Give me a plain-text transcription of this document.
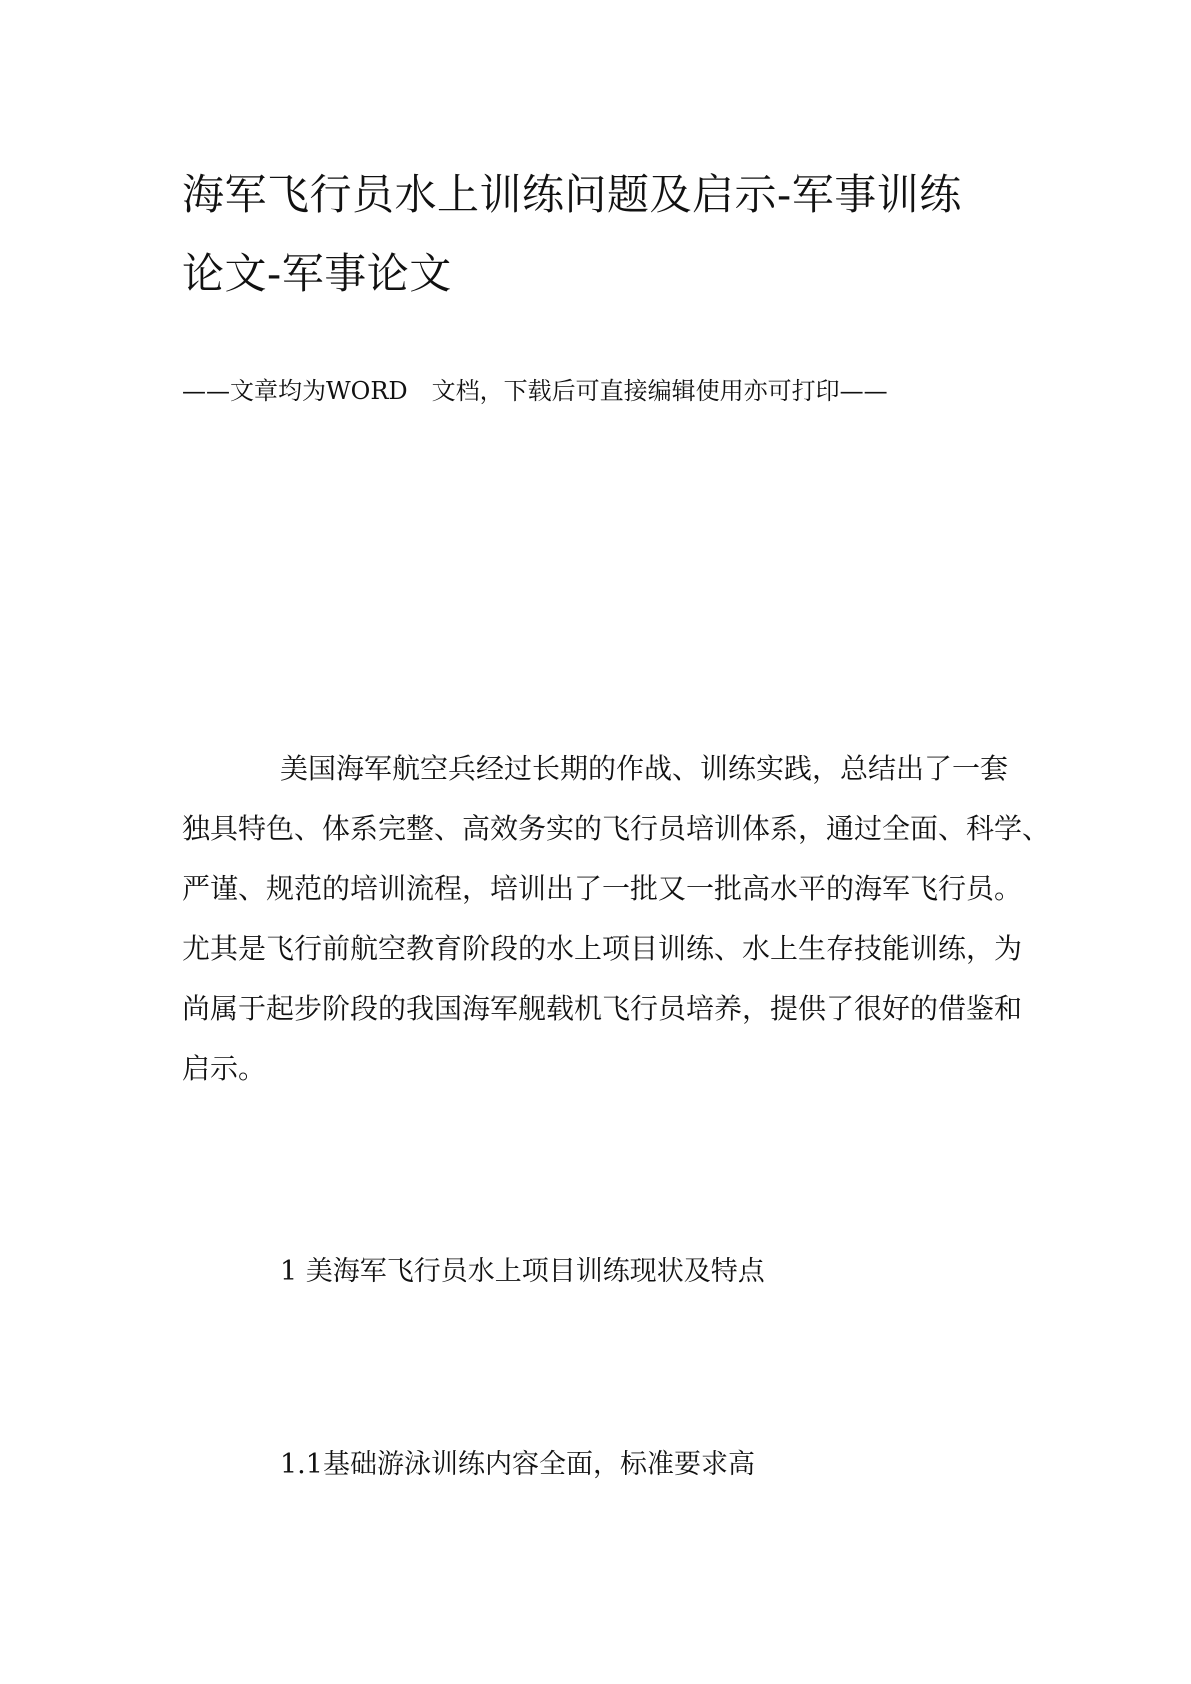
海军飞行员水上训练问题及启示-军事训练
论文-军事论文
——文章均为WORD　文档，下载后可直接编辑使用亦可打印——
美国海军航空兵经过长期的作战、训练实践，总结出了一套
独具特色、体系完整、高效务实的飞行员培训体系，通过全面、科学、
严谨、规范的培训流程，培训出了一批又一批高水平的海军飞行员。
尤其是飞行前航空教育阶段的水上项目训练、水上生存技能训练，为
尚属于起步阶段的我国海军舰载机飞行员培养，提供了很好的借鉴和
启示。
1 美海军飞行员水上项目训练现状及特点
1.1基础游泳训练内容全面，标准要求高
